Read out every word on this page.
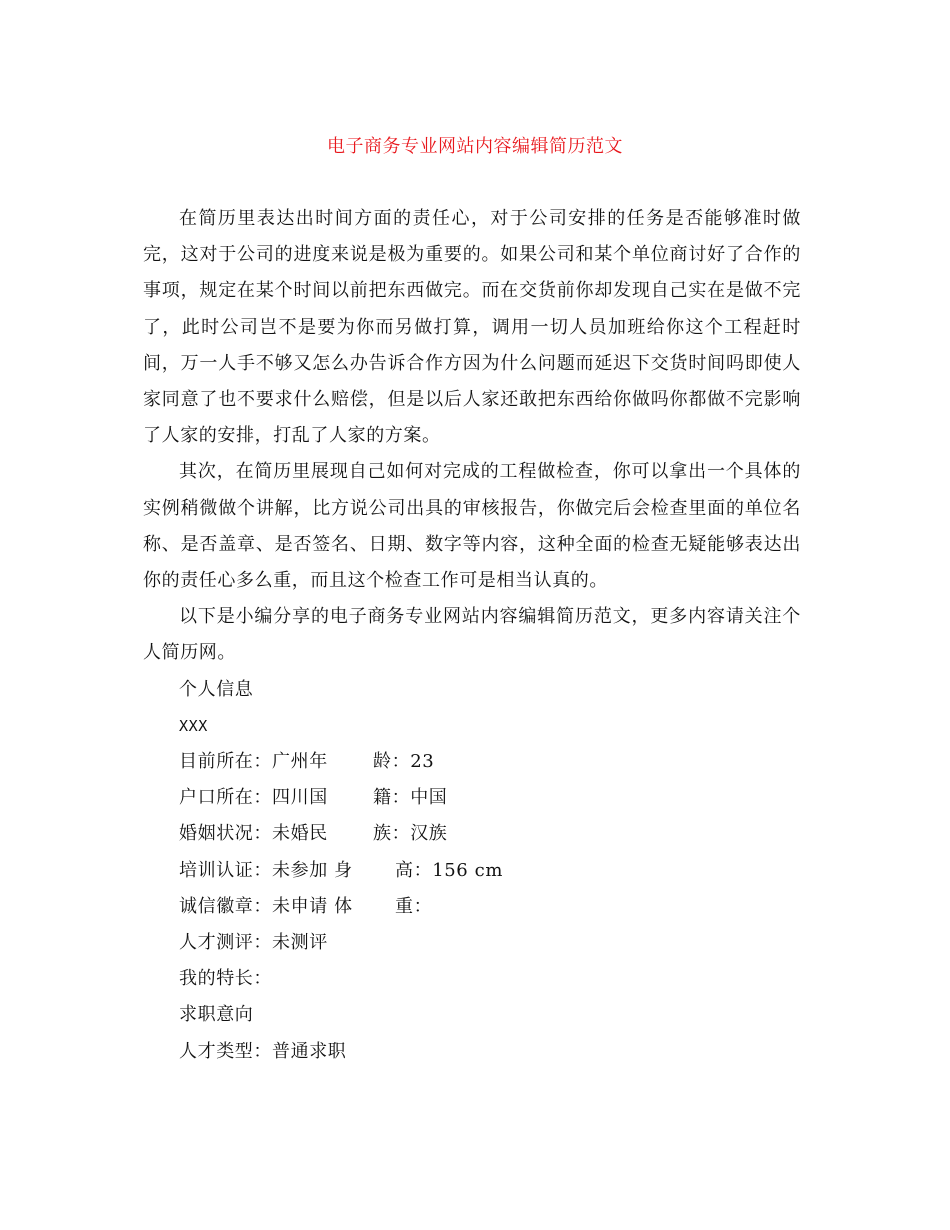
电子商务专业网站内容编辑简历范文

在简历里表达出时间方面的责任心，对于公司安排的任务是否能够准时做完，这对于公司的进度来说是极为重要的。如果公司和某个单位商讨好了合作的事项，规定在某个时间以前把东西做完。而在交货前你却发现自己实在是做不完了，此时公司岂不是要为你而另做打算，调用一切人员加班给你这个工程赶时间，万一人手不够又怎么办告诉合作方因为什么问题而延迟下交货时间吗即使人家同意了也不要求什么赔偿，但是以后人家还敢把东西给你做吗你都做不完影响了人家的安排，打乱了人家的方案。

其次，在简历里展现自己如何对完成的工程做检查，你可以拿出一个具体的实例稍微做个讲解，比方说公司出具的审核报告，你做完后会检查里面的单位名称、是否盖章、是否签名、日期、数字等内容，这种全面的检查无疑能够表达出你的责任心多么重，而且这个检查工作可是相当认真的。

以下是小编分享的电子商务专业网站内容编辑简历范文，更多内容请关注个人简历网。

个人信息

XXX

目前所在：广州年	龄：23
户口所在：四川国	籍：中国
婚姻状况：未婚民	族：汉族
培训认证：未参加 身	高：156 cm
诚信徽章：未申请 体	重：

人才测评：未测评

我的特长：

求职意向

人才类型：普通求职
